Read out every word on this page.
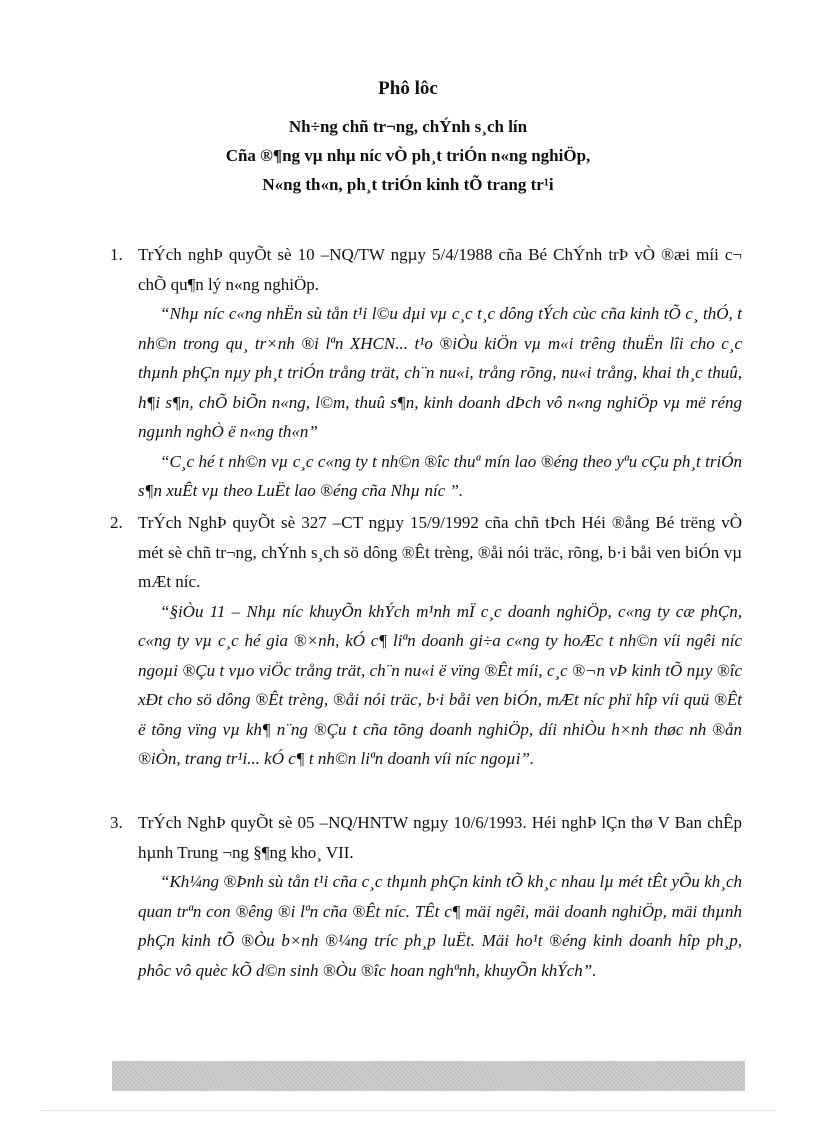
Phô lôc
Nh÷ng chñ tr¬ng, chÝnh s¸ch lín
Cña ®¶ng vµ nhµ níc vÒ ph¸t triÓn n«ng nghiÖp,
N«ng th«n, ph¸t triÓn kinh tÕ trang tr¹i
1. TrÝch nghÞ quyÕt sè 10 –NQ/TW ngµy 5/4/1988 cña Bé ChÝnh trÞ vÒ ®æi míi c¬ chÕ qu¶n lý n«ng nghiÖp.
“Nhµ níc c«ng nhËn sù tån t¹i l©u dµi vµ c¸c t¸c dông tÝch cùc cña kinh tÕ c¸ thÓ, t nh©n trong qu¸ tr×nh ®i lªn XHCN... t¹o ®iÒu kiÖn vµ m«i trêng thuËn lîi cho c¸c thµnh phÇn nµy ph¸t triÓn trång trät, ch¨n nu«i, trång rõng, nu«i trång, khai th¸c thuû, h¶i s¶n, chÕ biÕn n«ng, l©m, thuû s¶n, kinh doanh dÞch vô n«ng nghiÖp vµ më réng ngµnh nghÒ ë n«ng th«n”
“C¸c hé t nh©n vµ c¸c c«ng ty t nh©n ®îc thuª mín lao ®éng theo yªu cÇu ph¸t triÓn s¶n xuÊt vµ theo LuËt lao ®éng cña Nhµ níc ”.
2. TrÝch NghÞ quyÕt sè 327 –CT ngµy 15/9/1992 cña chñ tÞch Héi ®ång Bé trëng vÒ mét sè chñ tr¬ng, chÝnh s¸ch sö dông ®Êt trèng, ®åi nói träc, rõng, b·i båi ven biÓn vµ mÆt níc.
“§iÒu 11 – Nhµ níc khuyÕn khÝch m¹nh mÏ c¸c doanh nghiÖp, c«ng ty cæ phÇn, c«ng ty vµ c¸c hé gia ®×nh, kÓ c¶ liªn doanh gi÷a c«ng ty hoÆc t nh©n víi ngêi níc ngoµi ®Çu t vµo viÖc trång trät, ch¨n nu«i ë vïng ®Êt míi, c¸c ®¬n vÞ kinh tÕ nµy ®îc xÐt cho sö dông ®Êt trèng, ®åi nói träc, b·i båi ven biÓn, mÆt níc phï hîp víi quü ®Êt ë tõng vïng vµ kh¶ n¨ng ®Çu t cña tõng doanh nghiÖp, díi nhiÒu h×nh thøc nh ®ån ®iÒn, trang tr¹i... kÓ c¶ t nh©n liªn doanh víi níc ngoµi”.
3. TrÝch NghÞ quyÕt sè 05 –NQ/HNTW ngµy 10/6/1993. Héi nghÞ lÇn thø V Ban chÊp hµnh Trung ¬ng §¶ng kho¸ VII.
“Kh¼ng ®Þnh sù tån t¹i cña c¸c thµnh phÇn kinh tÕ kh¸c nhau lµ mét tÊt yÕu kh¸ch quan trªn con ®êng ®i lªn cña ®Êt níc. TÊt c¶ mäi ngêi, mäi doanh nghiÖp, mäi thµnh phÇn kinh tÕ ®Òu b×nh ®¼ng tríc ph¸p luËt. Mäi ho¹t ®éng kinh doanh hîp ph¸p, phôc vô quèc kÕ d©n sinh ®Òu ®îc hoan nghªnh, khuyÕn khÝch”.
